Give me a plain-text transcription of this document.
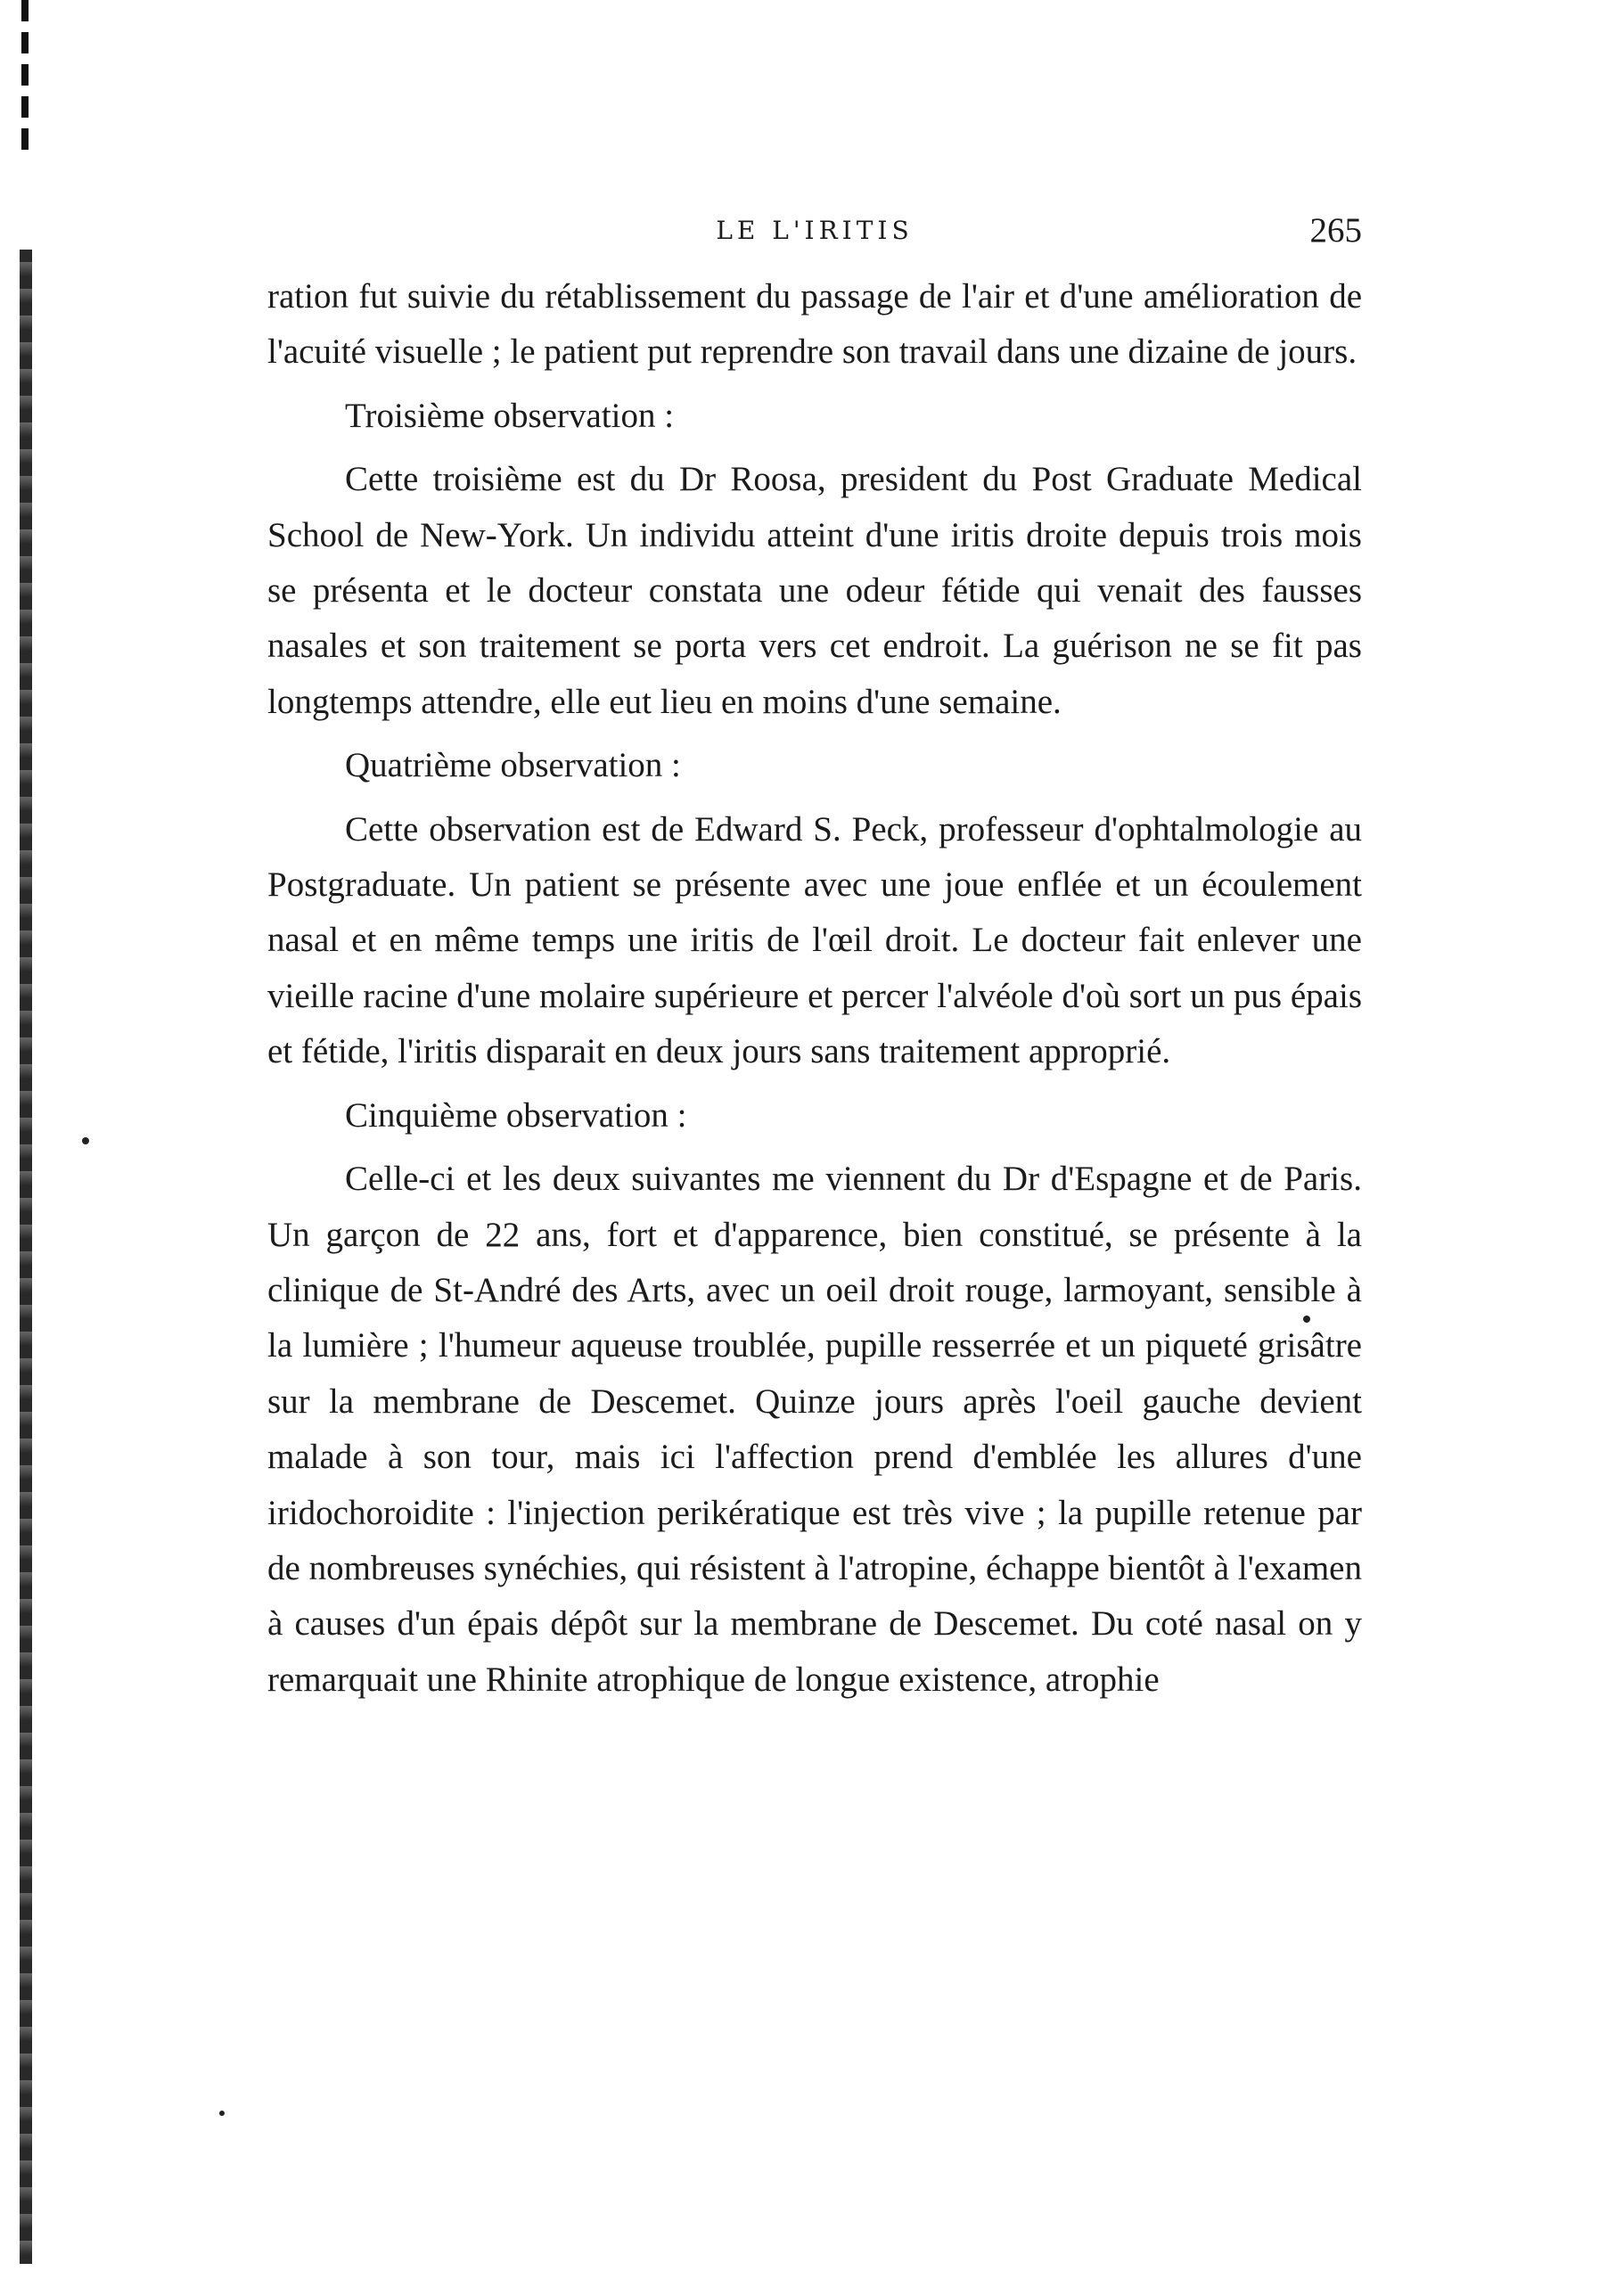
LE L'IRITIS	265

ration fut suivie du rétablissement du passage de l'air et d'une amélioration de l'acuité visuelle ; le patient put reprendre son travail dans une dizaine de jours.

Troisième observation :

Cette troisième est du Dr Roosa, president du Post Graduate Medical School de New-York. Un individu atteint d'une iritis droite depuis trois mois se présenta et le docteur constata une odeur fétide qui venait des fausses nasales et son traitement se porta vers cet endroit. La guérison ne se fit pas longtemps attendre, elle eut lieu en moins d'une semaine.

Quatrième observation :

Cette observation est de Edward S. Peck, professeur d'ophtalmologie au Postgraduate. Un patient se présente avec une joue enflée et un écoulement nasal et en même temps une iritis de l'œil droit. Le docteur fait enlever une vieille racine d'une molaire supérieure et percer l'alvéole d'où sort un pus épais et fétide, l'iritis disparait en deux jours sans traitement approprié.

Cinquième observation :

Celle-ci et les deux suivantes me viennent du Dr d'Espagne et de Paris. Un garçon de 22 ans, fort et d'apparence, bien constitué, se présente à la clinique de St-André des Arts, avec un oeil droit rouge, larmoyant, sensible à la lumière ; l'humeur aqueuse troublée, pupille resserrée et un piqueté grisâtre sur la membrane de Descemet. Quinze jours après l'oeil gauche devient malade à son tour, mais ici l'affection prend d'emblée les allures d'une iridochoroidite : l'injection perikératique est très vive ; la pupille retenue par de nombreuses synéchies, qui résistent à l'atropine, échappe bientôt à l'examen à causes d'un épais dépôt sur la membrane de Descemet. Du coté nasal on y remarquait une Rhinite atrophique de longue existence, atrophie
